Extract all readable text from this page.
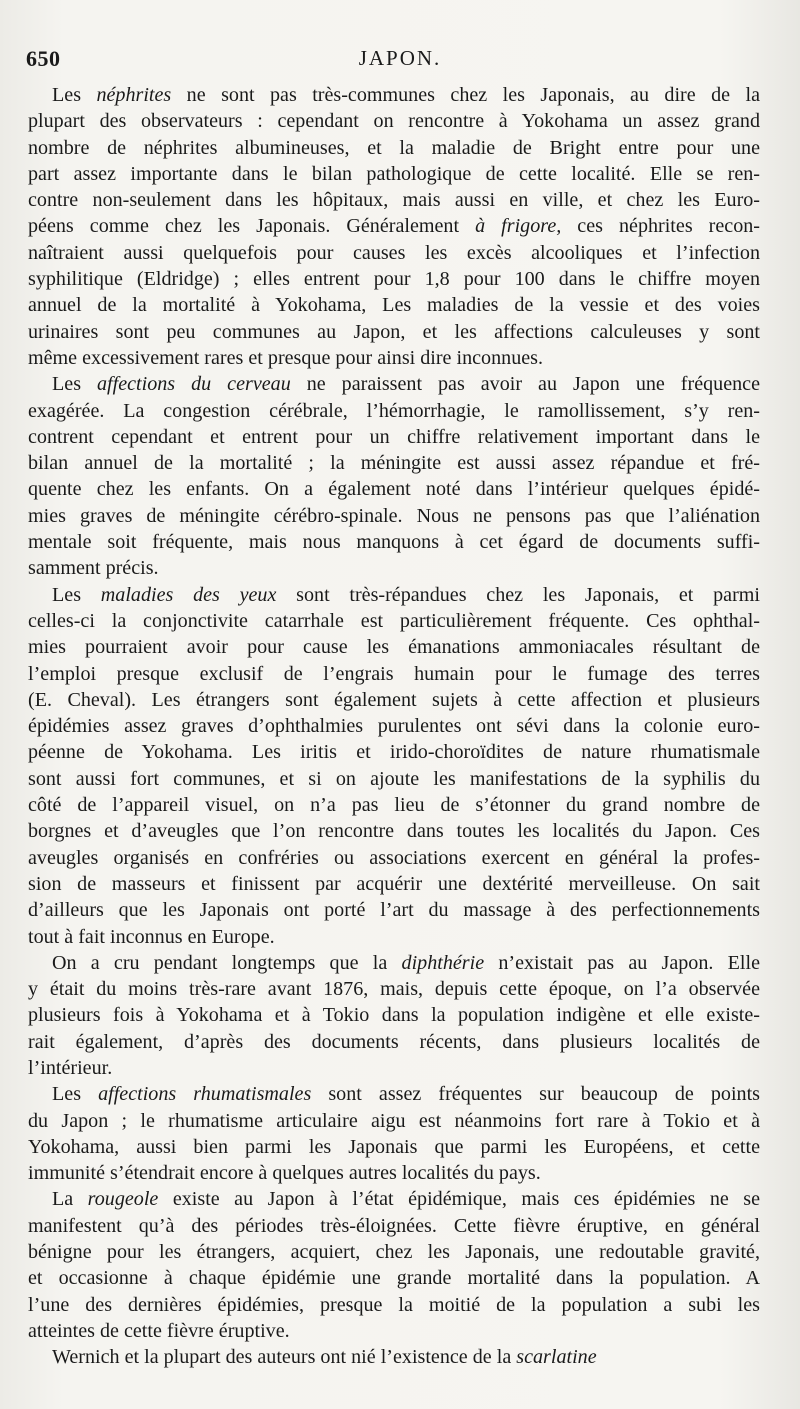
650	JAPON.

Les néphrites ne sont pas très-communes chez les Japonais, au dire de la
plupart des observateurs : cependant on rencontre à Yokohama un assez grand
nombre de néphrites albumineuses, et la maladie de Bright entre pour une
part assez importante dans le bilan pathologique de cette localité. Elle se ren-
contre non-seulement dans les hôpitaux, mais aussi en ville, et chez les Euro-
péens comme chez les Japonais. Généralement à frigore, ces néphrites recon-
naîtraient aussi quelquefois pour causes les excès alcooliques et l’infection
syphilitique (Eldridge) ; elles entrent pour 1,8 pour 100 dans le chiffre moyen
annuel de la mortalité à Yokohama, Les maladies de la vessie et des voies
urinaires sont peu communes au Japon, et les affections calculeuses y sont
même excessivement rares et presque pour ainsi dire inconnues.

Les affections du cerveau ne paraissent pas avoir au Japon une fréquence
exagérée. La congestion cérébrale, l’hémorrhagie, le ramollissement, s’y ren-
contrent cependant et entrent pour un chiffre relativement important dans le
bilan annuel de la mortalité ; la méningite est aussi assez répandue et fré-
quente chez les enfants. On a également noté dans l’intérieur quelques épidé-
mies graves de méningite cérébro-spinale. Nous ne pensons pas que l’aliénation
mentale soit fréquente, mais nous manquons à cet égard de documents suffi-
samment précis.

Les maladies des yeux sont très-répandues chez les Japonais, et parmi
celles-ci la conjonctivite catarrhale est particulièrement fréquente. Ces ophthal-
mies pourraient avoir pour cause les émanations ammoniacales résultant de
l’emploi presque exclusif de l’engrais humain pour le fumage des terres
(E. Cheval). Les étrangers sont également sujets à cette affection et plusieurs
épidémies assez graves d’ophthalmies purulentes ont sévi dans la colonie euro-
péenne de Yokohama. Les iritis et irido-choroïdites de nature rhumatismale
sont aussi fort communes, et si on ajoute les manifestations de la syphilis du
côté de l’appareil visuel, on n’a pas lieu de s’étonner du grand nombre de
borgnes et d’aveugles que l’on rencontre dans toutes les localités du Japon. Ces
aveugles organisés en confréries ou associations exercent en général la profes-
sion de masseurs et finissent par acquérir une dextérité merveilleuse. On sait
d’ailleurs que les Japonais ont porté l’art du massage à des perfectionnements
tout à fait inconnus en Europe.

On a cru pendant longtemps que la diphthérie n’existait pas au Japon. Elle
y était du moins très-rare avant 1876, mais, depuis cette époque, on l’a observée
plusieurs fois à Yokohama et à Tokio dans la population indigène et elle existe-
rait également, d’après des documents récents, dans plusieurs localités de
l’intérieur.

Les affections rhumatismales sont assez fréquentes sur beaucoup de points
du Japon ; le rhumatisme articulaire aigu est néanmoins fort rare à Tokio et à
Yokohama, aussi bien parmi les Japonais que parmi les Européens, et cette
immunité s’étendrait encore à quelques autres localités du pays.

La rougeole existe au Japon à l’état épidémique, mais ces épidémies ne se
manifestent qu’à des périodes très-éloignées. Cette fièvre éruptive, en général
bénigne pour les étrangers, acquiert, chez les Japonais, une redoutable gravité,
et occasionne à chaque épidémie une grande mortalité dans la population. A
l’une des dernières épidémies, presque la moitié de la population a subi les
atteintes de cette fièvre éruptive.

Wernich et la plupart des auteurs ont nié l’existence de la scarlatine
